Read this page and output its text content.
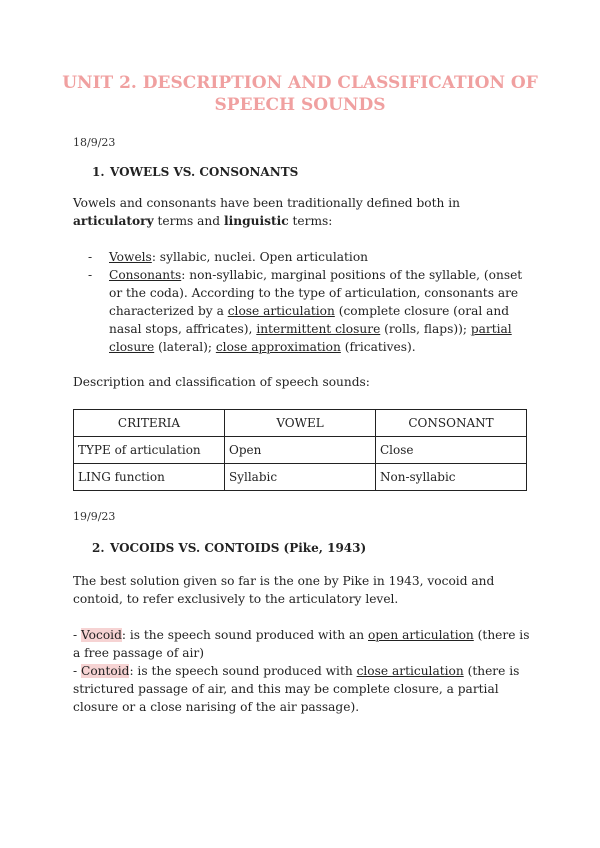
UNIT 2. DESCRIPTION AND CLASSIFICATION OF
SPEECH SOUNDS
18/9/23
1. VOWELS VS. CONSONANTS
Vowels and consonants have been traditionally defined both in articulatory terms and linguistic terms:
- Vowels: syllabic, nuclei. Open articulation
- Consonants: non-syllabic, marginal positions of the syllable, (onset or the coda). According to the type of articulation, consonants are characterized by a close articulation (complete closure (oral and nasal stops, affricates), intermittent closure (rolls, flaps)); partial closure (lateral); close approximation (fricatives).
Description and classification of speech sounds:
CRITERIA	VOWEL	CONSONANT
TYPE of articulation	Open	Close
LING function	Syllabic	Non-syllabic
19/9/23
2. VOCOIDS VS. CONTOIDS (Pike, 1943)
The best solution given so far is the one by Pike in 1943, vocoid and contoid, to refer exclusively to the articulatory level.
- Vocoid: is the speech sound produced with an open articulation (there is a free passage of air)
- Contoid: is the speech sound produced with close articulation (there is strictured passage of air, and this may be complete closure, a partial closure or a close narising of the air passage).
